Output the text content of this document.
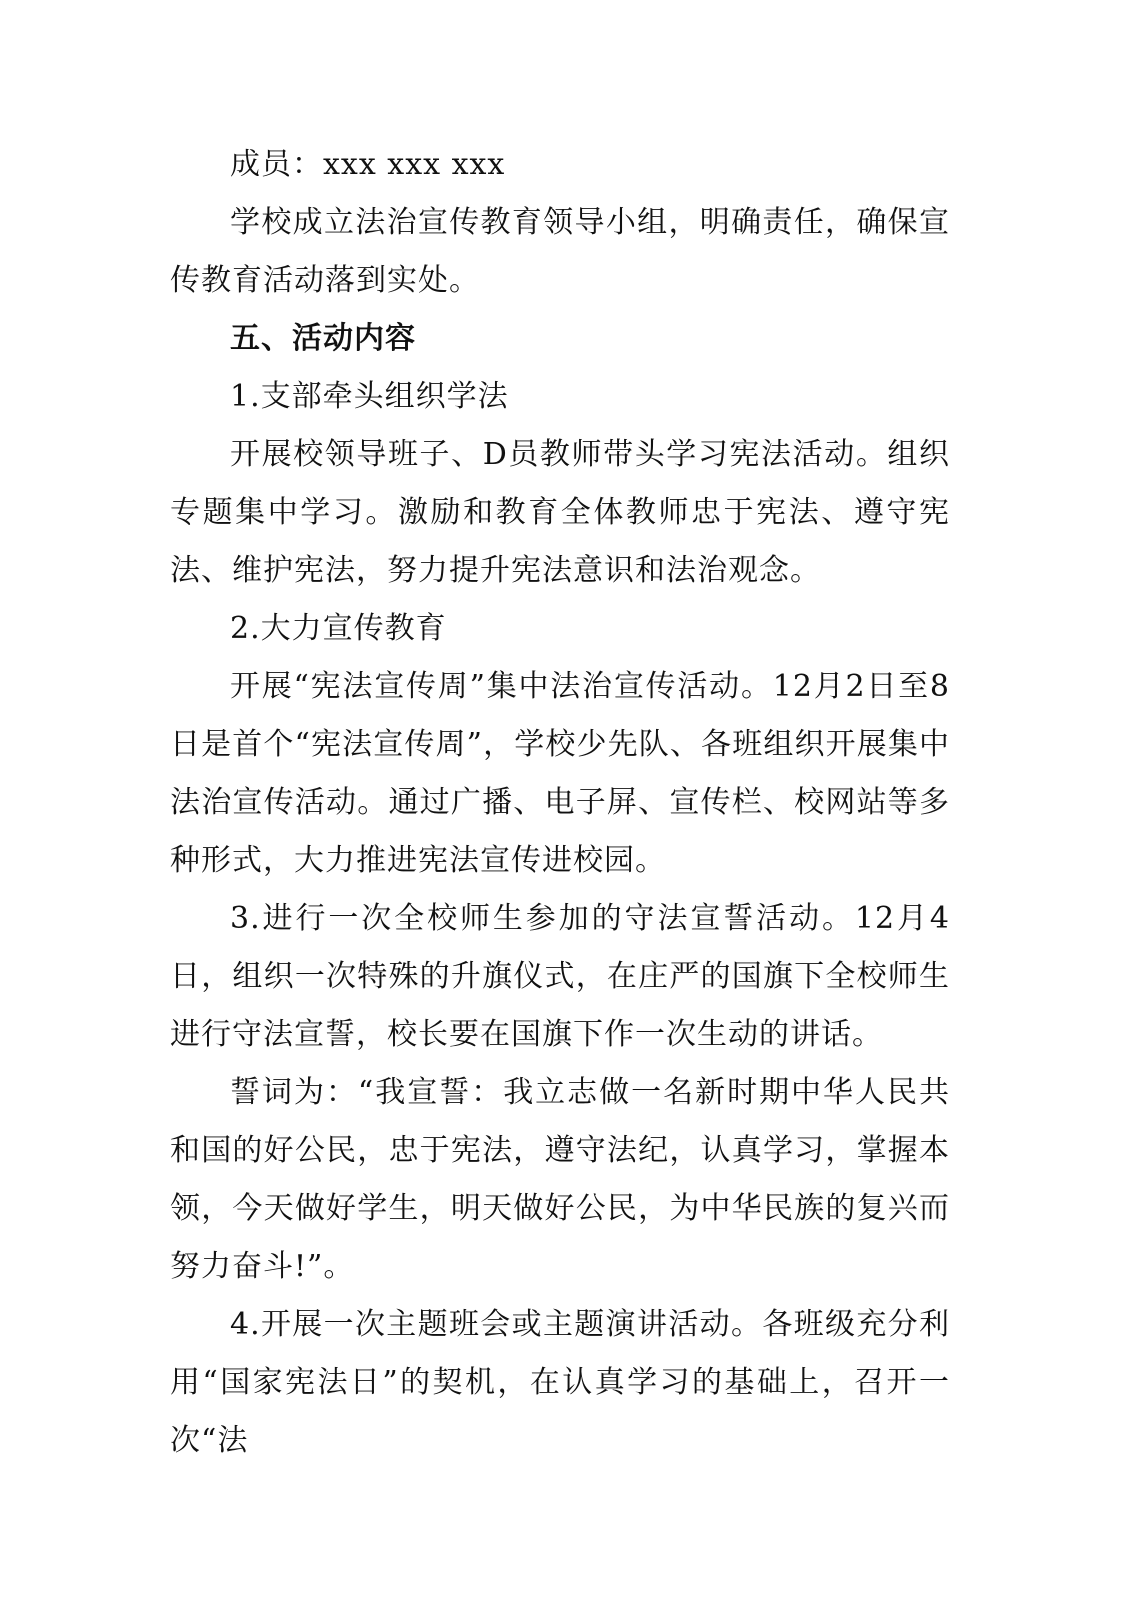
成员：xxx xxx xxx

学校成立法治宣传教育领导小组，明确责任，确保宣传教育活动落到实处。

五、活动内容

1.支部牵头组织学法

开展校领导班子、D员教师带头学习宪法活动。组织专题集中学习。激励和教育全体教师忠于宪法、遵守宪法、维护宪法，努力提升宪法意识和法治观念。

2.大力宣传教育

开展“宪法宣传周”集中法治宣传活动。12月2日至8日是首个“宪法宣传周”，学校少先队、各班组织开展集中法治宣传活动。通过广播、电子屏、宣传栏、校网站等多种形式，大力推进宪法宣传进校园。

3.进行一次全校师生参加的守法宣誓活动。12月4日，组织一次特殊的升旗仪式，在庄严的国旗下全校师生进行守法宣誓，校长要在国旗下作一次生动的讲话。

誓词为：“我宣誓：我立志做一名新时期中华人民共和国的好公民，忠于宪法，遵守法纪，认真学习，掌握本领，今天做好学生，明天做好公民，为中华民族的复兴而努力奋斗!”。

4.开展一次主题班会或主题演讲活动。各班级充分利用“国家宪法日”的契机，在认真学习的基础上，召开一次“法
